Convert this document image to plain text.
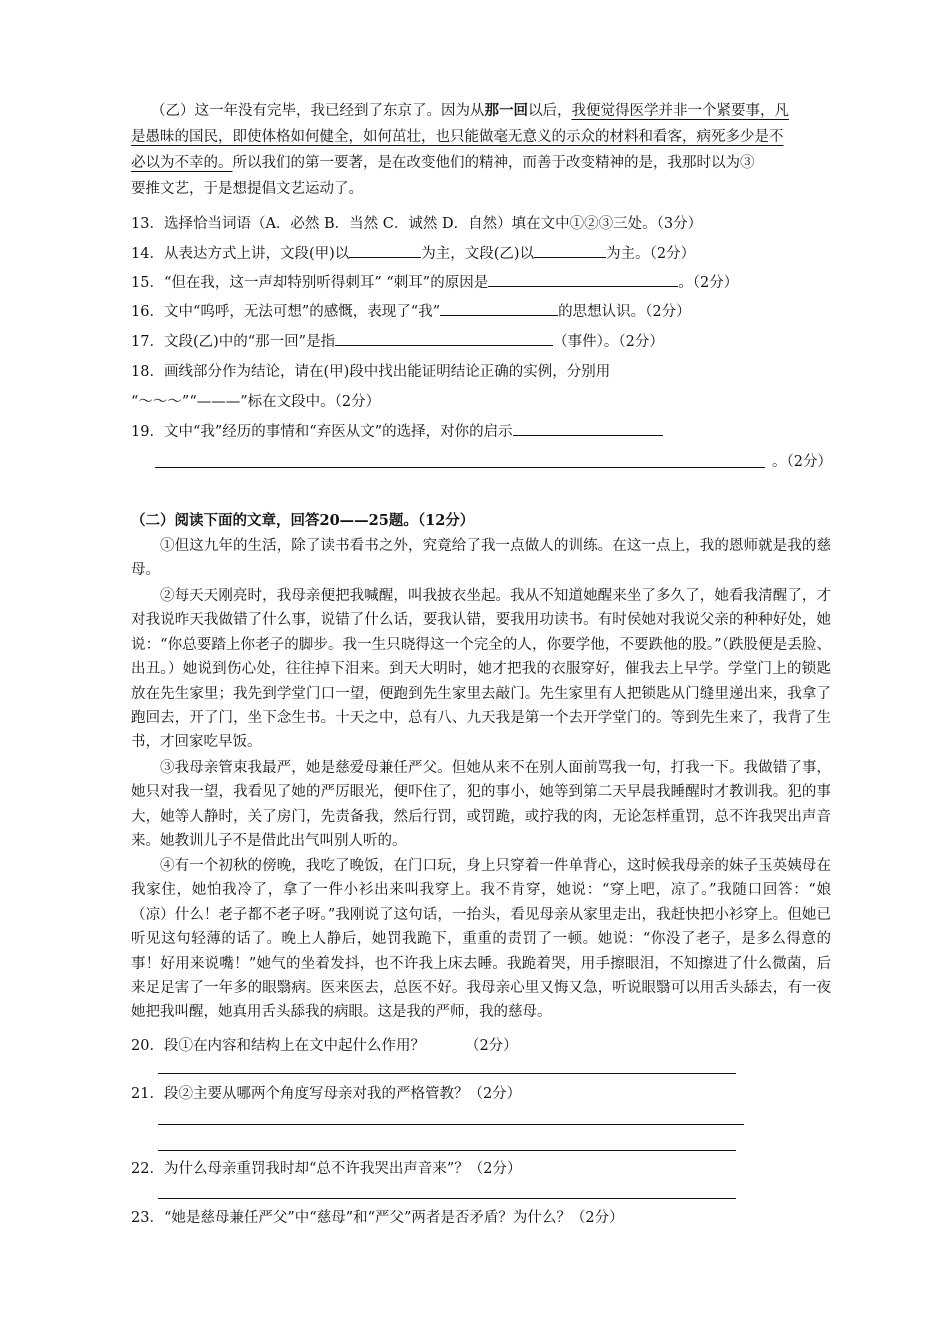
（乙）这一年没有完毕，我已经到了东京了。因为从那一回以后，我便觉得医学并非一个紧要事，凡
是愚昧的国民，即使体格如何健全，如何茁壮，也只能做毫无意义的示众的材料和看客，病死多少是不
必以为不幸的。所以我们的第一要著，是在改变他们的精神，而善于改变精神的是，我那时以为③
要推文艺，于是想提倡文艺运动了。
13．选择恰当词语（A．必然 B．当然 C．诚然 D．自然）填在文中①②③三处。（3分）
14．从表达方式上讲，文段(甲)以	为主，文段(乙)以	为主。（2分）
15．“但在我，这一声却特别听得刺耳” “刺耳”的原因是	。（2分）
16．文中“呜呼，无法可想”的感慨，表现了“我”	的思想认识。（2分）
17．文段(乙)中的“那一回”是指	（事件）。（2分）
18．画线部分作为结论，请在(甲)段中找出能证明结论正确的实例，分别用
“～～～”“———”标在文段中。（2分）
19．文中“我”经历的事情和“弃医从文”的选择，对你的启示
。（2分）
（二）阅读下面的文章，回答20——25题。（12分）
①但这九年的生活，除了读书看书之外，究竟给了我一点做人的训练。在这一点上，我的恩师就是我的慈母。
②每天天刚亮时，我母亲便把我喊醒，叫我披衣坐起。我从不知道她醒来坐了多久了，她看我清醒了，才对我说昨天我做错了什么事，说错了什么话，要我认错，要我用功读书。有时侯她对我说父亲的种种好处，她说：“你总要踏上你老子的脚步。我一生只晓得这一个完全的人，你要学他，不要跌他的股。”（跌股便是丢脸、出丑。）她说到伤心处，往往掉下泪来。到天大明时，她才把我的衣服穿好，催我去上早学。学堂门上的锁匙放在先生家里；我先到学堂门口一望，便跑到先生家里去敲门。先生家里有人把锁匙从门缝里递出来，我拿了跑回去，开了门，坐下念生书。十天之中，总有八、九天我是第一个去开学堂门的。等到先生来了，我背了生书，才回家吃早饭。
③我母亲管束我最严，她是慈爱母兼任严父。但她从来不在别人面前骂我一句，打我一下。我做错了事，她只对我一望，我看见了她的严厉眼光，便吓住了，犯的事小，她等到第二天早晨我睡醒时才教训我。犯的事大，她等人静时，关了房门，先责备我，然后行罚，或罚跪，或拧我的肉，无论怎样重罚，总不许我哭出声音来。她教训儿子不是借此出气叫别人听的。
④有一个初秋的傍晚，我吃了晚饭，在门口玩，身上只穿着一件单背心，这时候我母亲的妹子玉英姨母在我家住，她怕我冷了，拿了一件小衫出来叫我穿上。我不肯穿，她说：“穿上吧，凉了。”我随口回答：“娘（凉）什么！老子都不老子呀。”我刚说了这句话，一抬头，看见母亲从家里走出，我赶快把小衫穿上。但她已听见这句轻薄的话了。晚上人静后，她罚我跪下，重重的责罚了一顿。她说：“你没了老子，是多么得意的事！好用来说嘴！”她气的坐着发抖，也不许我上床去睡。我跪着哭，用手擦眼泪，不知擦进了什么微菌，后来足足害了一年多的眼翳病。医来医去，总医不好。我母亲心里又悔又急，听说眼翳可以用舌头舔去，有一夜她把我叫醒，她真用舌头舔我的病眼。这是我的严师，我的慈母。
20．段①在内容和结构上在文中起什么作用？	（2分）
21．段②主要从哪两个角度写母亲对我的严格管教？（2分）
22．为什么母亲重罚我时却“总不许我哭出声音来”？（2分）
23．“她是慈母兼任严父”中“慈母”和“严父”两者是否矛盾？为什么？（2分）
